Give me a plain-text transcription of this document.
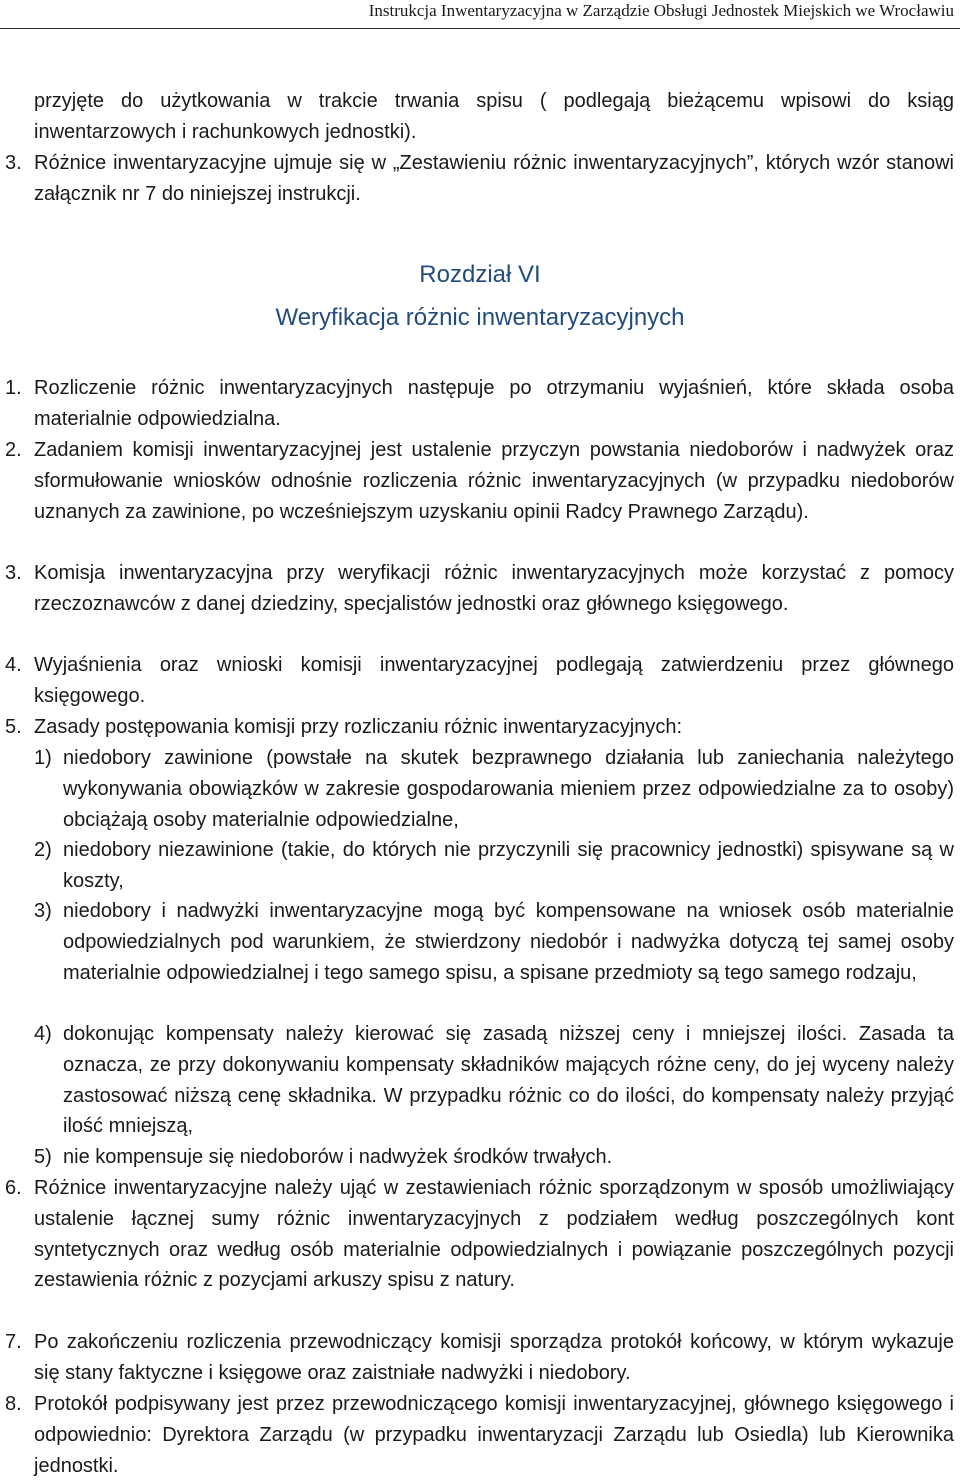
Instrukcja Inwentaryzacyjna w Zarządzie Obsługi Jednostek Miejskich we Wrocławiu

przyjęte do użytkowania w trakcie trwania spisu ( podlegają bieżącemu wpisowi do ksiąg inwentarzowych i rachunkowych jednostki).

3. Różnice inwentaryzacyjne ujmuje się w „Zestawieniu różnic inwentaryzacyjnych”, których wzór stanowi załącznik nr 7 do niniejszej instrukcji.

Rozdział VI
Weryfikacja różnic inwentaryzacyjnych
1. Rozliczenie różnic inwentaryzacyjnych następuje po otrzymaniu wyjaśnień, które składa osoba materialnie odpowiedzialna.

2. Zadaniem komisji inwentaryzacyjnej jest ustalenie przyczyn powstania niedoborów i nadwyżek oraz sformułowanie wniosków odnośnie rozliczenia różnic inwentaryzacyjnych (w przypadku niedoborów uznanych za zawinione, po wcześniejszym uzyskaniu opinii Radcy Prawnego Zarządu).

3. Komisja inwentaryzacyjna przy weryfikacji różnic inwentaryzacyjnych może korzystać z pomocy rzeczoznawców z danej dziedziny, specjalistów jednostki oraz głównego księgowego.

4. Wyjaśnienia oraz wnioski komisji inwentaryzacyjnej podlegają zatwierdzeniu przez głównego księgowego.

5. Zasady postępowania komisji przy rozliczaniu różnic inwentaryzacyjnych:

1) niedobory zawinione (powstałe na skutek bezprawnego działania lub zaniechania należytego wykonywania obowiązków w zakresie gospodarowania mieniem przez odpowiedzialne za to osoby) obciążają osoby materialnie odpowiedzialne,

2) niedobory niezawinione (takie, do których nie przyczynili się pracownicy jednostki) spisywane są w koszty,

3) niedobory i nadwyżki inwentaryzacyjne mogą być kompensowane na wniosek osób materialnie odpowiedzialnych pod warunkiem, że stwierdzony niedobór i nadwyżka dotyczą tej samej osoby materialnie odpowiedzialnej i tego samego spisu, a spisane przedmioty są tego samego rodzaju,

4) dokonując kompensaty należy kierować się zasadą niższej ceny i mniejszej ilości. Zasada ta oznacza, ze przy dokonywaniu kompensaty składników mających różne ceny, do jej wyceny należy zastosować niższą cenę składnika. W przypadku różnic co do ilości, do kompensaty należy przyjąć ilość mniejszą,

5) nie kompensuje się niedoborów i nadwyżek środków trwałych.

6. Różnice inwentaryzacyjne należy ująć w zestawieniach różnic sporządzonym w sposób umożliwiający ustalenie łącznej sumy różnic inwentaryzacyjnych z podziałem według poszczególnych kont syntetycznych oraz według osób materialnie odpowiedzialnych i powiązanie poszczególnych pozycji zestawienia różnic z pozycjami arkuszy spisu z natury.

7. Po zakończeniu rozliczenia przewodniczący komisji sporządza protokół końcowy, w którym wykazuje się stany faktyczne i księgowe oraz zaistniałe nadwyżki i niedobory.

8. Protokół podpisywany jest przez przewodniczącego komisji inwentaryzacyjnej, głównego księgowego i odpowiednio: Dyrektora Zarządu (w przypadku inwentaryzacji Zarządu lub Osiedla) lub Kierownika jednostki.
